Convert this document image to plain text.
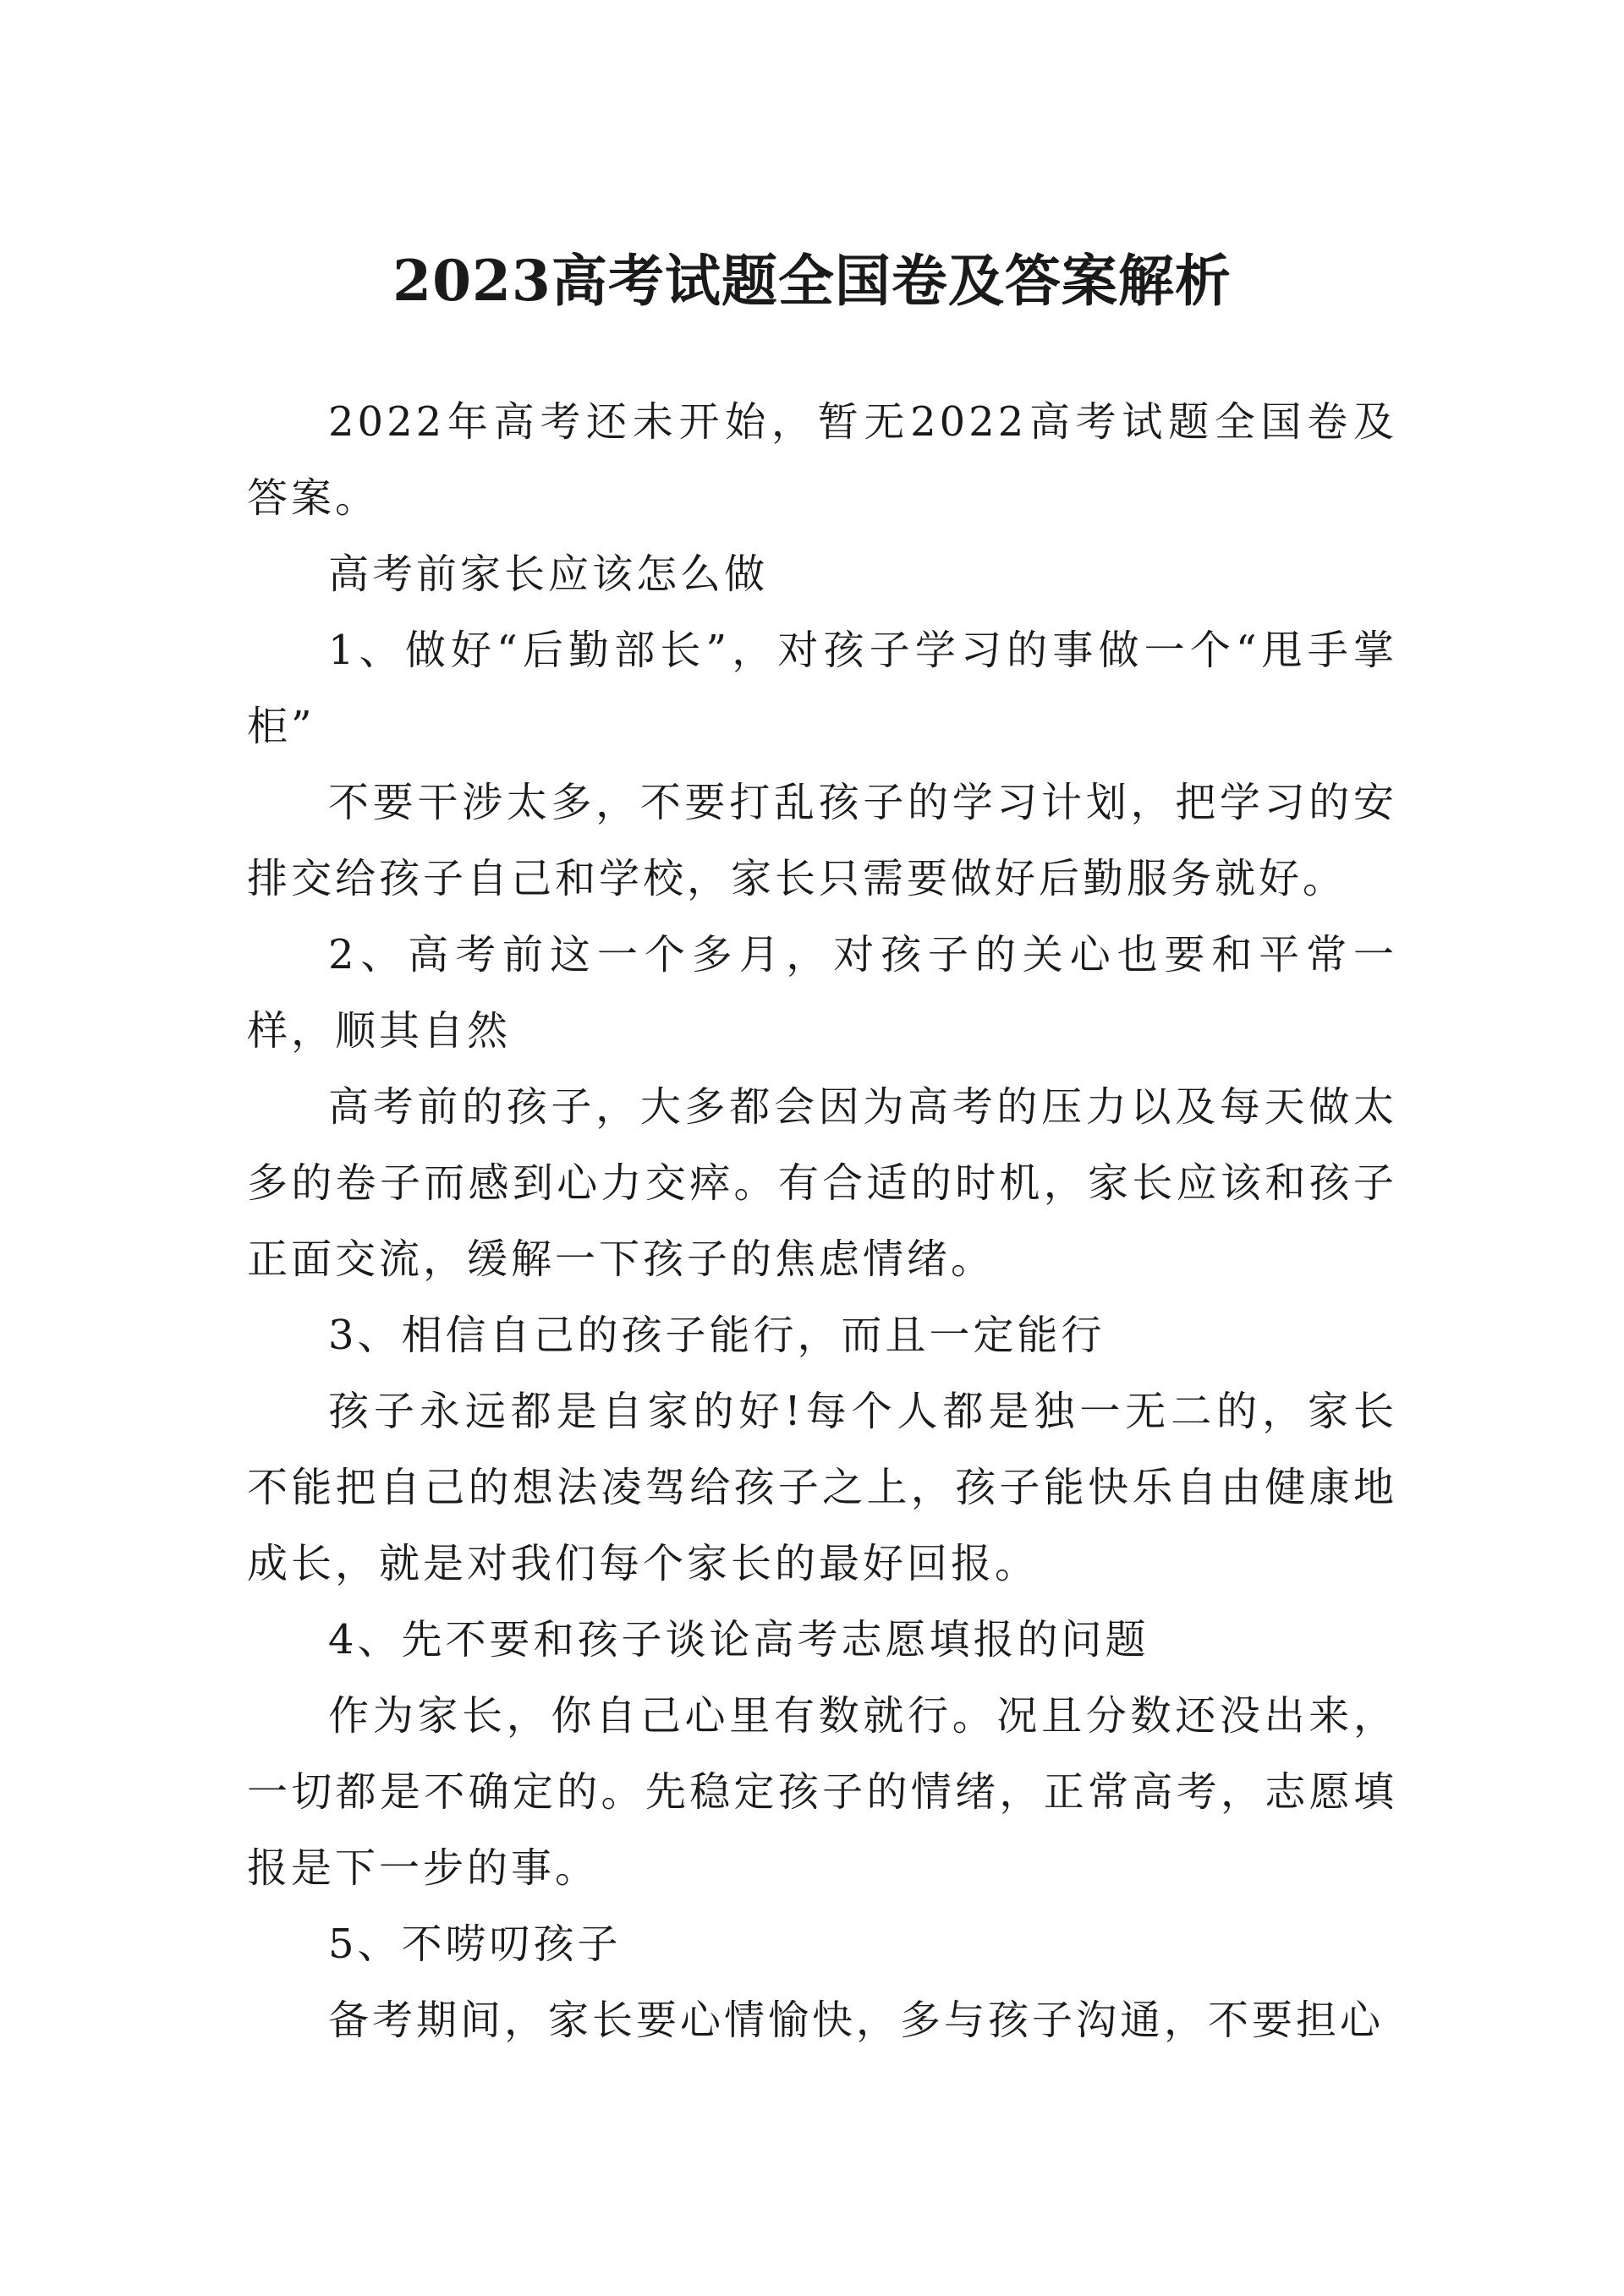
2023高考试题全国卷及答案解析

2022年高考还未开始，暂无2022高考试题全国卷及答案。

高考前家长应该怎么做

1、做好“后勤部长”，对孩子学习的事做一个“甩手掌柜”

不要干涉太多，不要打乱孩子的学习计划，把学习的安排交给孩子自己和学校，家长只需要做好后勤服务就好。

2、高考前这一个多月，对孩子的关心也要和平常一样，顺其自然

高考前的孩子，大多都会因为高考的压力以及每天做太多的卷子而感到心力交瘁。有合适的时机，家长应该和孩子正面交流，缓解一下孩子的焦虑情绪。

3、相信自己的孩子能行，而且一定能行

孩子永远都是自家的好!每个人都是独一无二的，家长不能把自己的想法凌驾给孩子之上，孩子能快乐自由健康地成长，就是对我们每个家长的最好回报。

4、先不要和孩子谈论高考志愿填报的问题

作为家长，你自己心里有数就行。况且分数还没出来，一切都是不确定的。先稳定孩子的情绪，正常高考，志愿填报是下一步的事。

5、不唠叨孩子

备考期间，家长要心情愉快，多与孩子沟通，不要担心
